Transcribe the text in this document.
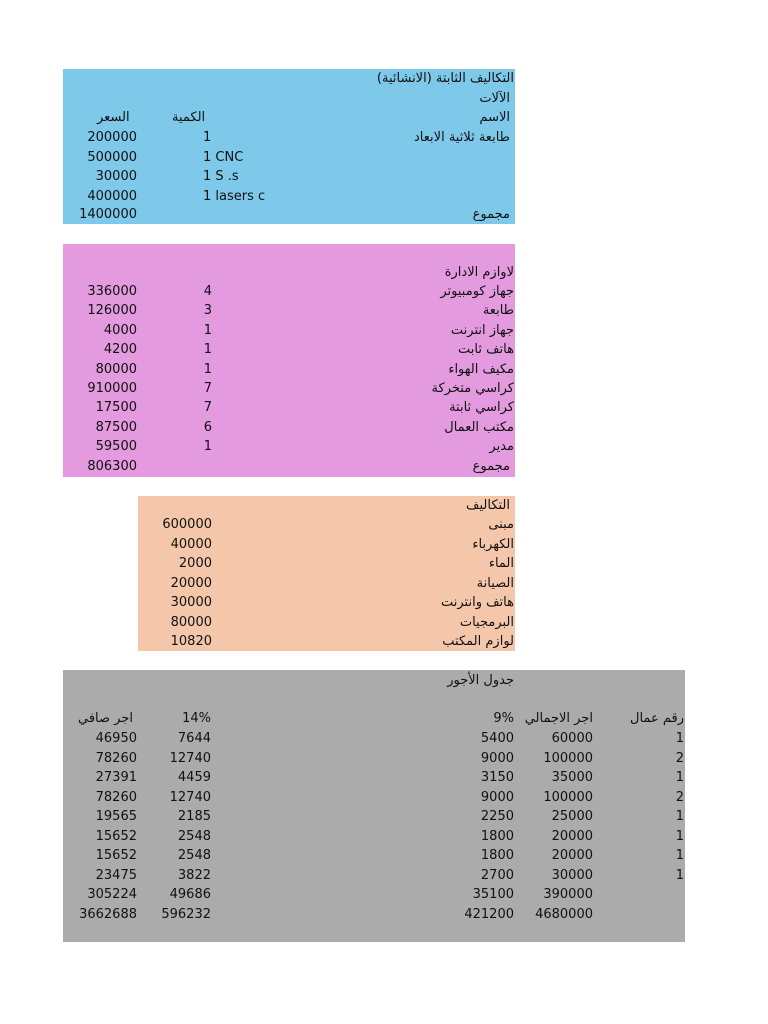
التكاليف الثابتة (الانشائية)
الآلات
الاسم
الكمية
السعر
طابعة ثلاثية الابعاد
1
200000
1 CNC
500000
1 S .s
30000
1 lasers c
400000
مجموع
1400000
لاوازم الادارة
جهاز كومبيوتر
4
336000
طابعة
3
126000
جهاز انترنت
1
4000
هاتف ثابت
1
4200
مكيف الهواء
1
80000
كراسي متخركة
7
910000
كراسي ثابتة
7
17500
مكتب العمال
6
87500
مدير
1
59500
مجموع
806300
التكاليف
مبنى
600000
الكهرباء
40000
الماء
2000
الصيانة
20000
هاتف وانترنت
30000
البرمجيات
80000
لوازم المكتب
10820
جدول الأجور
رقم عمال
اجر الاجمالي
9%
14%
اجر صافي
1
60000
5400
7644
46950
2
100000
9000
12740
78260
1
35000
3150
4459
27391
2
100000
9000
12740
78260
1
25000
2250
2185
19565
1
20000
1800
2548
15652
1
20000
1800
2548
15652
1
30000
2700
3822
23475
390000
35100
49686
305224
4680000
421200
596232
3662688
